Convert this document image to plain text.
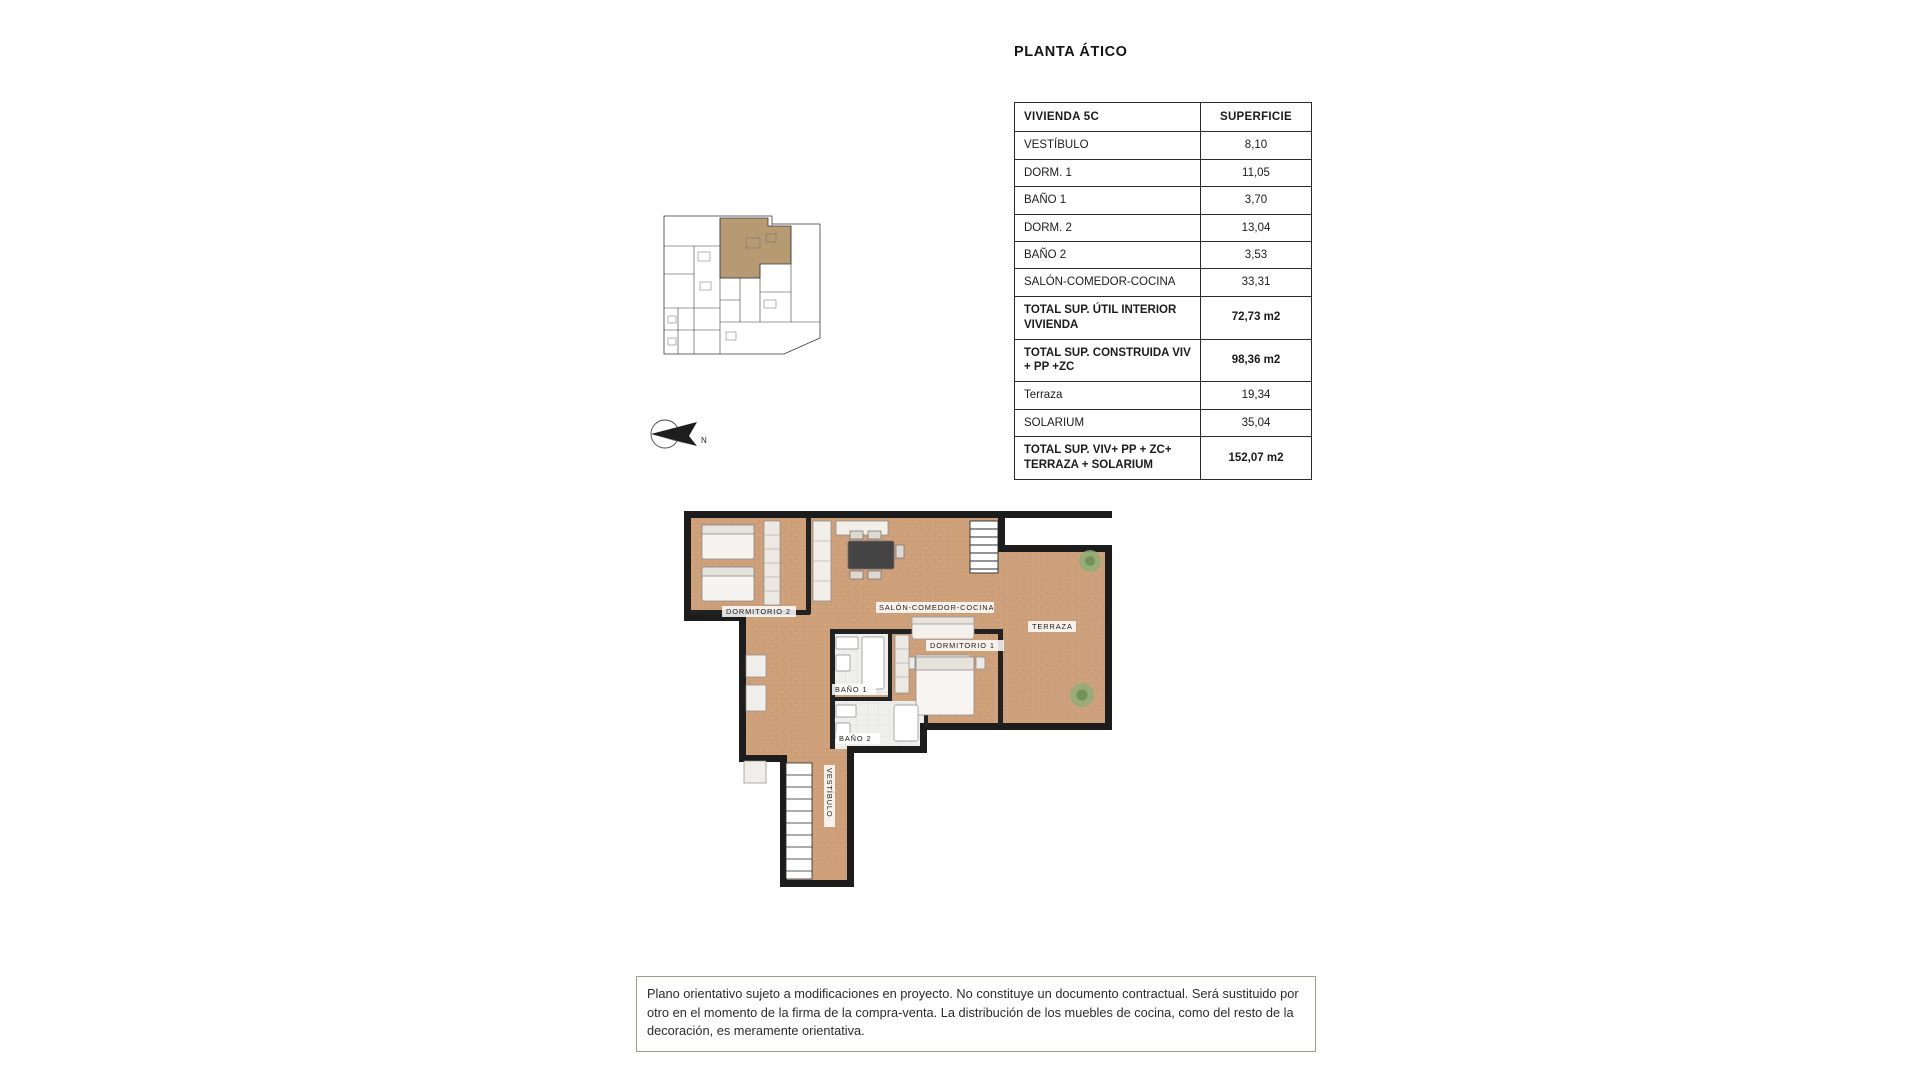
PLANTA ÁTICO
VIVIENDA 5C	SUPERFICIE
VESTÍBULO	8,10
DORM. 1	11,05
BAÑO 1	3,70
DORM. 2	13,04
BAÑO 2	3,53
SALÓN-COMEDOR-COCINA	33,31
TOTAL SUP. ÚTIL INTERIOR VIVIENDA	72,73 m2
TOTAL SUP. CONSTRUIDA VIV + PP +ZC	98,36 m2
Terraza	19,34
SOLARIUM	35,04
TOTAL SUP. VIV+ PP + ZC+ TERRAZA + SOLARIUM	152,07 m2
N
DORMITORIO 2	SALÓN-COMEDOR-COCINA
TERRAZA
DORMITORIO 1
BAÑO 1
BAÑO 2
VESTÍBULO
Plano orientativo sujeto a modificaciones en proyecto. No constituye un documento contractual. Será sustituido por otro en el momento de la firma de la compra-venta. La distribución de los muebles de cocina, como del resto de la decoración, es meramente orientativa.
